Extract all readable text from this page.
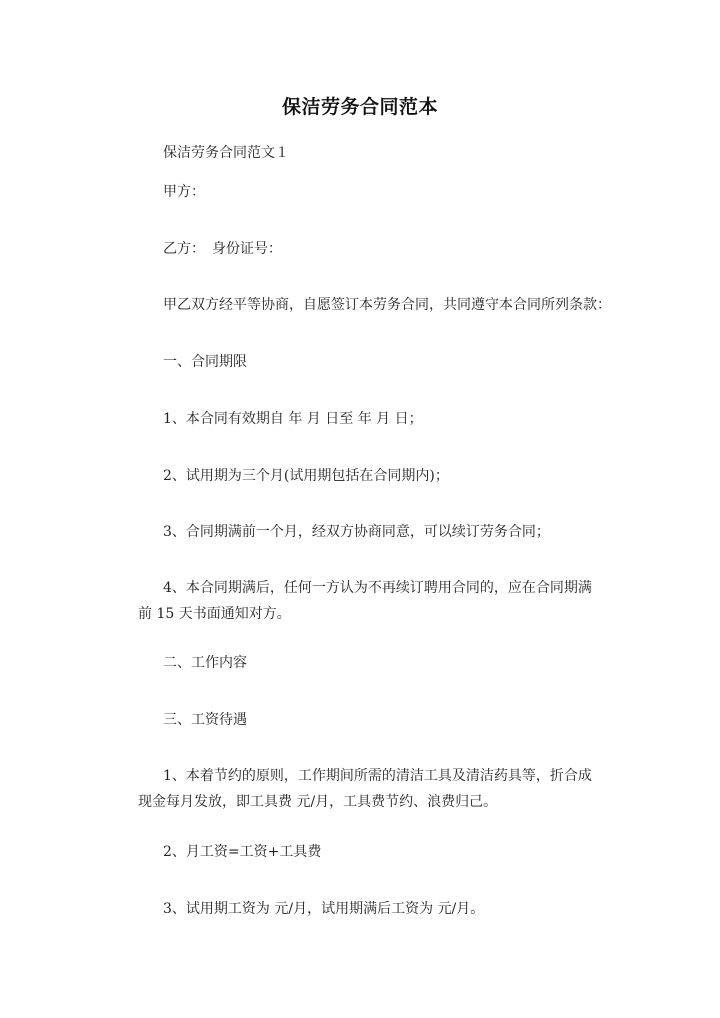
保洁劳务合同范本
保洁劳务合同范文１
甲方：
乙方：　身份证号：
甲乙双方经平等协商，自愿签订本劳务合同，共同遵守本合同所列条款：
一、合同期限
1、本合同有效期自 年 月 日至 年 月 日；
2、试用期为三个月(试用期包括在合同期内)；
3、合同期满前一个月，经双方协商同意，可以续订劳务合同；
4、本合同期满后，任何一方认为不再续订聘用合同的，应在合同期满
前 15 天书面通知对方。
二、工作内容
三、工资待遇
1、本着节约的原则，工作期间所需的清洁工具及清洁药具等，折合成
现金每月发放，即工具费 元/月，工具费节约、浪费归己。
2、月工资=工资+工具费
3、试用期工资为 元/月，试用期满后工资为 元/月。
